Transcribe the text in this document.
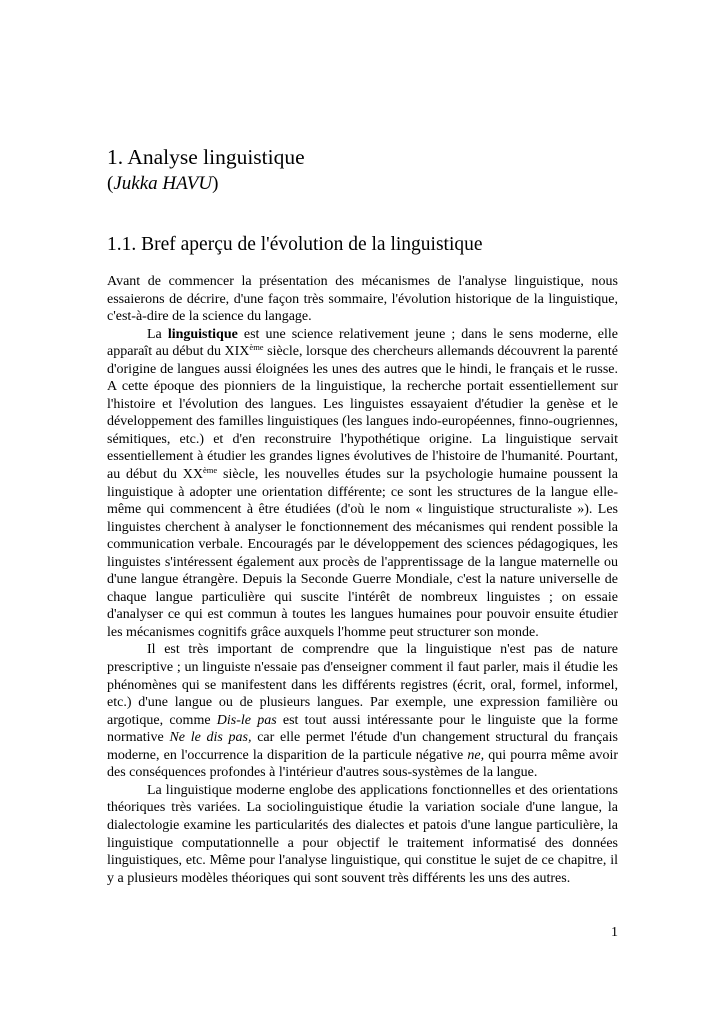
1. Analyse linguistique
(Jukka HAVU)
1.1. Bref aperçu de l'évolution de la linguistique

Avant de commencer la présentation des mécanismes de l'analyse linguistique, nous essaierons de décrire, d'une façon très sommaire, l'évolution historique de la linguistique, c'est-à-dire de la science du langage.

La linguistique est une science relativement jeune ; dans le sens moderne, elle apparaît au début du XIXème siècle, lorsque des chercheurs allemands découvrent la parenté d'origine de langues aussi éloignées les unes des autres que le hindi, le français et le russe. A cette époque des pionniers de la linguistique, la recherche portait essentiellement sur l'histoire et l'évolution des langues. Les linguistes essayaient d'étudier la genèse et le développement des familles linguistiques (les langues indo-européennes, finno-ougriennes, sémitiques, etc.) et d'en reconstruire l'hypothétique origine. La linguistique servait essentiellement à étudier les grandes lignes évolutives de l'histoire de l'humanité. Pourtant, au début du XXème siècle, les nouvelles études sur la psychologie humaine poussent la linguistique à adopter une orientation différente; ce sont les structures de la langue elle-même qui commencent à être étudiées (d'où le nom « linguistique structuraliste »). Les linguistes cherchent à analyser le fonctionnement des mécanismes qui rendent possible la communication verbale. Encouragés par le développement des sciences pédagogiques, les linguistes s'intéressent également aux procès de l'apprentissage de la langue maternelle ou d'une langue étrangère. Depuis la Seconde Guerre Mondiale, c'est la nature universelle de chaque langue particulière qui suscite l'intérêt de nombreux linguistes ; on essaie d'analyser ce qui est commun à toutes les langues humaines pour pouvoir ensuite étudier les mécanismes cognitifs grâce auxquels l'homme peut structurer son monde.

Il est très important de comprendre que la linguistique n'est pas de nature prescriptive ; un linguiste n'essaie pas d'enseigner comment il faut parler, mais il étudie les phénomènes qui se manifestent dans les différents registres (écrit, oral, formel, informel, etc.) d'une langue ou de plusieurs langues. Par exemple, une expression familière ou argotique, comme Dis-le pas est tout aussi intéressante pour le linguiste que la forme normative Ne le dis pas, car elle permet l'étude d'un changement structural du français moderne, en l'occurrence la disparition de la particule négative ne, qui pourra même avoir des conséquences profondes à l'intérieur d'autres sous-systèmes de la langue.

La linguistique moderne englobe des applications fonctionnelles et des orientations théoriques très variées. La sociolinguistique étudie la variation sociale d'une langue, la dialectologie examine les particularités des dialectes et patois d'une langue particulière, la linguistique computationnelle a pour objectif le traitement informatisé des données linguistiques, etc. Même pour l'analyse linguistique, qui constitue le sujet de ce chapitre, il y a plusieurs modèles théoriques qui sont souvent très différents les uns des autres.

1
